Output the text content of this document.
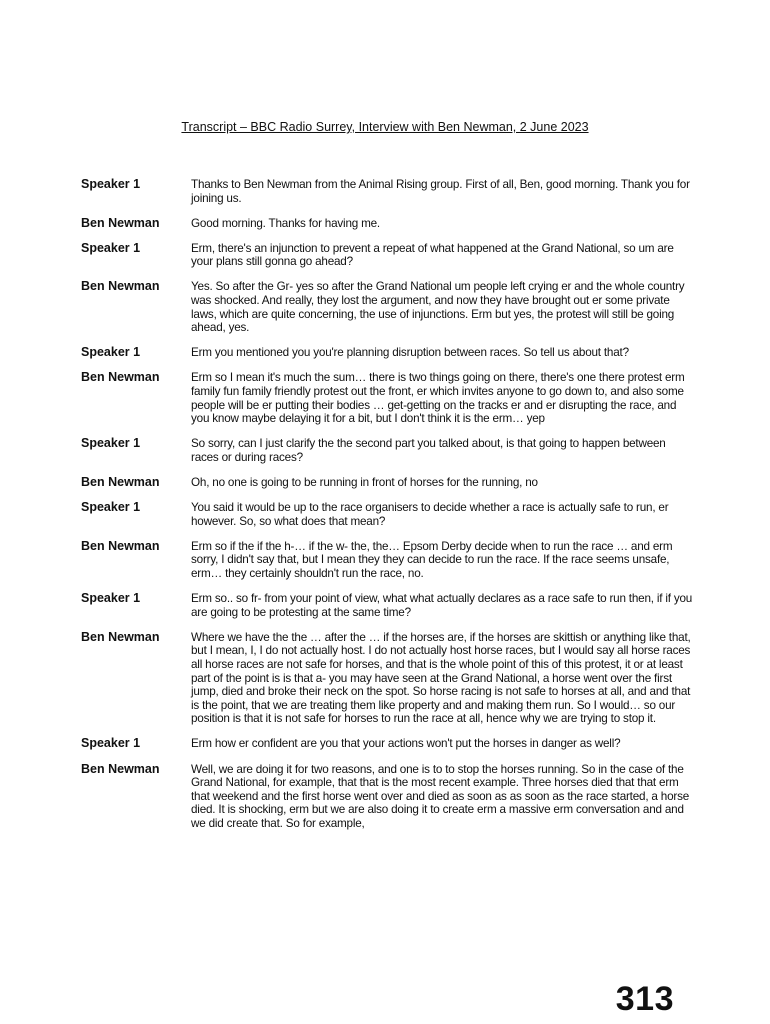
Transcript – BBC Radio Surrey, Interview with Ben Newman, 2 June 2023
Speaker 1	Thanks to Ben Newman from the Animal Rising group. First of all, Ben, good morning. Thank you for joining us.
Ben Newman	Good morning. Thanks for having me.
Speaker 1	Erm, there's an injunction to prevent a repeat of what happened at the Grand National, so um are your plans still gonna go ahead?
Ben Newman	Yes. So after the Gr- yes so after the Grand National um people left crying er and the whole country was shocked. And really, they lost the argument, and now they have brought out er some private laws, which are quite concerning, the use of injunctions. Erm but yes, the protest will still be going ahead, yes.
Speaker 1	Erm you mentioned you you're planning disruption between races. So tell us about that?
Ben Newman	Erm so I mean it's much the sum… there is two things going on there, there's one there protest erm family fun family friendly protest out the front, er which invites anyone to go down to, and also some people will be er putting their bodies … get-getting on the tracks er and er disrupting the race, and you know maybe delaying it for a bit, but I don't think it is the erm… yep
Speaker 1	So sorry, can I just clarify the the second part you talked about, is that going to happen between races or during races?
Ben Newman	Oh, no one is going to be running in front of horses for the running, no
Speaker 1	You said it would be up to the race organisers to decide whether a race is actually safe to run, er however. So, so what does that mean?
Ben Newman	Erm so if the if the h-… if the w- the, the… Epsom Derby decide when to run the race … and erm sorry, I didn't say that, but I mean they they can decide to run the race. If the race seems unsafe, erm… they certainly shouldn't run the race, no.
Speaker 1	Erm so.. so fr- from your point of view, what what actually declares as a race safe to run then, if if you are going to be protesting at the same time?
Ben Newman	Where we have the the … after the … if the horses are, if the horses are skittish or anything like that, but I mean, I, I do not actually host. I do not actually host horse races, but I would say all horse races all horse races are not safe for horses, and that is the whole point of this of this protest, it or at least part of the point is is that a- you may have seen at the Grand National, a horse went over the first jump, died and broke their neck on the spot. So horse racing is not safe to horses at all, and and that is the point, that we are treating them like property and and making them run. So I would… so our position is that it is not safe for horses to run the race at all, hence why we are trying to stop it.
Speaker 1	Erm how er confident are you that your actions won't put the horses in danger as well?
Ben Newman	Well, we are doing it for two reasons, and one is to to stop the horses running. So in the case of the Grand National, for example, that that is the most recent example. Three horses died that that erm that weekend and the first horse went over and died as soon as as soon as the race started, a horse died. It is shocking, erm but we are also doing it to create erm a massive erm conversation and and we did create that. So for example,
313
